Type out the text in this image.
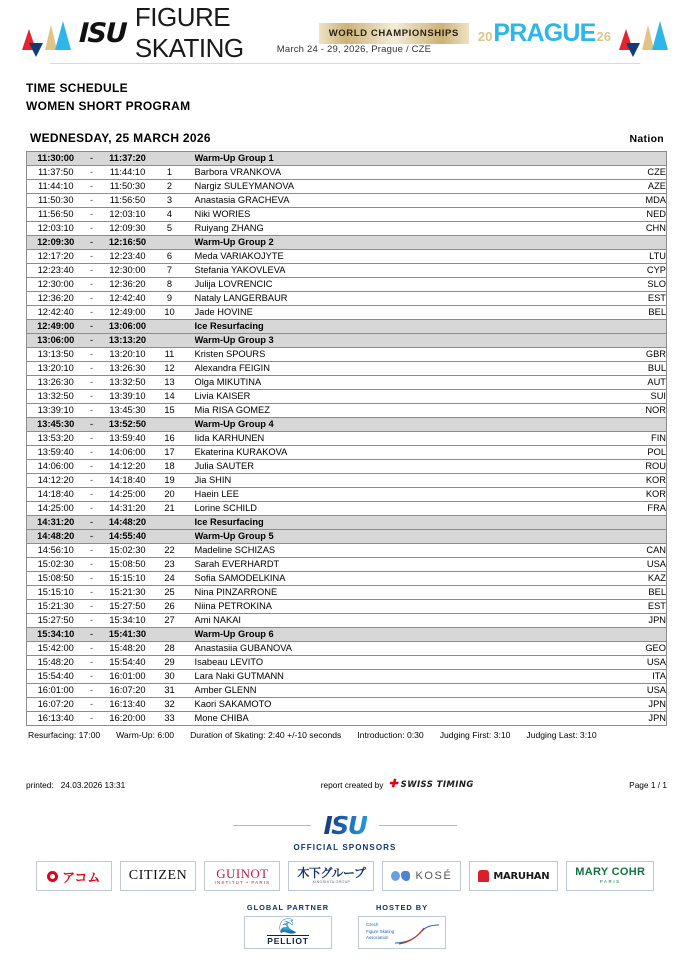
ISU
FIGURE SKATING	WORLD CHAMPIONSHIPS	20 PRAGUE 26
March 24 - 29, 2026, Prague / CZE
TIME SCHEDULE
WOMEN SHORT PROGRAM
WEDNESDAY, 25 MARCH 2026	Nation
11:30:00	-	11:37:20			Warm-Up Group 1	
11:37:50	-	11:44:10	1		Barbora VRANKOVA	CZE
11:44:10	-	11:50:30	2		Nargiz SULEYMANOVA	AZE
11:50:30	-	11:56:50	3		Anastasia GRACHEVA	MDA
11:56:50	-	12:03:10	4		Niki WORIES	NED
12:03:10	-	12:09:30	5		Ruiyang ZHANG	CHN
12:09:30	-	12:16:50			Warm-Up Group 2	
12:17:20	-	12:23:40	6		Meda VARIAKOJYTE	LTU
12:23:40	-	12:30:00	7		Stefania YAKOVLEVA	CYP
12:30:00	-	12:36:20	8		Julija LOVRENCIC	SLO
12:36:20	-	12:42:40	9		Nataly LANGERBAUR	EST
12:42:40	-	12:49:00	10		Jade HOVINE	BEL
12:49:00	-	13:06:00			Ice Resurfacing	
13:06:00	-	13:13:20			Warm-Up Group 3	
13:13:50	-	13:20:10	11		Kristen SPOURS	GBR
13:20:10	-	13:26:30	12		Alexandra FEIGIN	BUL
13:26:30	-	13:32:50	13		Olga MIKUTINA	AUT
13:32:50	-	13:39:10	14		Livia KAISER	SUI
13:39:10	-	13:45:30	15		Mia RISA GOMEZ	NOR
13:45:30	-	13:52:50			Warm-Up Group 4	
13:53:20	-	13:59:40	16		Iida KARHUNEN	FIN
13:59:40	-	14:06:00	17		Ekaterina KURAKOVA	POL
14:06:00	-	14:12:20	18		Julia SAUTER	ROU
14:12:20	-	14:18:40	19		Jia SHIN	KOR
14:18:40	-	14:25:00	20		Haein LEE	KOR
14:25:00	-	14:31:20	21		Lorine SCHILD	FRA
14:31:20	-	14:48:20			Ice Resurfacing	
14:48:20	-	14:55:40			Warm-Up Group 5	
14:56:10	-	15:02:30	22		Madeline SCHIZAS	CAN
15:02:30	-	15:08:50	23		Sarah EVERHARDT	USA
15:08:50	-	15:15:10	24		Sofia SAMODELKINA	KAZ
15:15:10	-	15:21:30	25		Nina PINZARRONE	BEL
15:21:30	-	15:27:50	26		Niina PETROKINA	EST
15:27:50	-	15:34:10	27		Ami NAKAI	JPN
15:34:10	-	15:41:30			Warm-Up Group 6	
15:42:00	-	15:48:20	28		Anastasiia GUBANOVA	GEO
15:48:20	-	15:54:40	29		Isabeau LEVITO	USA
15:54:40	-	16:01:00	30		Lara Naki GUTMANN	ITA
16:01:00	-	16:07:20	31		Amber GLENN	USA
16:07:20	-	16:13:40	32		Kaori SAKAMOTO	JPN
16:13:40	-	16:20:00	33		Mone CHIBA	JPN
Resurfacing: 17:00 Warm-Up: 6:00 Duration of Skating: 2:40 +/-10 seconds Introduction: 0:30 Judging First: 3:10 Judging Last: 3:10
printed: 24.03.2026 13:31	report created by ✚ SWISS TIMING	Page 1 / 1
ISU
OFFICIAL SPONSORS
アコム CITIZEN GUINOT
INSTITUT • PARIS
木下グループ
KINOSHITA GROUP	KOSÉ	MARUHAN MARY COHR
PARIS
GLOBAL PARTNER
🌊
PELLIOT
HOSTED BY
Czech
Figure Skating
Association
